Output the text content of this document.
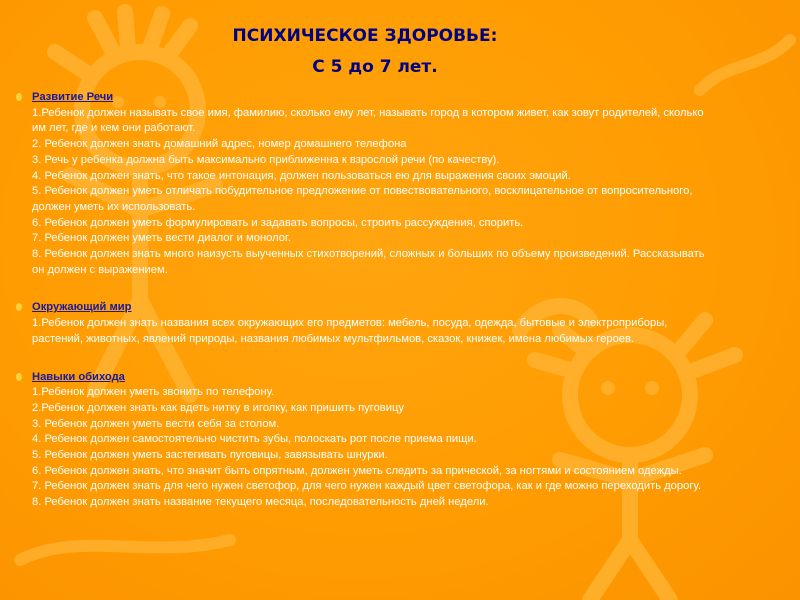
ПСИХИЧЕСКОЕ ЗДОРОВЬЕ:
С 5 до 7 лет.
Развитие Речи
1.Ребенок должен называть свое имя, фамилию, сколько ему лет, называть город в котором живет, как зовут родителей, сколько им лет, где и кем они работают.
2. Ребенок должен знать домашний адрес, номер домашнего телефона
3. Речь у ребенка должна быть максимально приближенна к взрослой речи (по качеству).
4. Ребенок должен знать, что такое интонация, должен пользоваться ею для выражения своих эмоций.
5. Ребенок должен уметь отличать побудительное предложение от повествовательного, восклицательное от вопросительного, должен уметь их использовать.
6. Ребенок должен уметь формулировать и задавать вопросы, строить рассуждения, спорить.
7. Ребенок должен уметь вести диалог и монолог.
8. Ребенок должен знать много наизусть выученных стихотворений, сложных и больших по объему произведений. Рассказывать он должен с выражением.
Окружающий мир
1.Ребенок должен знать названия всех окружающих его предметов: мебель, посуда, одежда, бытовые и электроприборы, растений, животных, явлений природы, названия любимых мультфильмов, сказок, книжек, имена любимых героев.
Навыки обихода
1.Ребенок должен уметь звонить по телефону.
2.Ребенок должен знать как вдеть нитку в иголку, как пришить пуговицу
3. Ребенок должен уметь вести себя за столом.
4. Ребенок должен самостоятельно чистить зубы, полоскать рот после приема пищи.
5. Ребенок должен уметь застегивать пуговицы, завязывать шнурки.
6. Ребенок должен знать, что значит быть опрятным, должен уметь следить за прической, за ногтями и состоянием одежды.
7. Ребенок должен знать для чего нужен светофор, для чего нужен каждый цвет светофора, как и где можно переходить дорогу.
8. Ребенок должен знать название текущего месяца, последовательность дней недели.
